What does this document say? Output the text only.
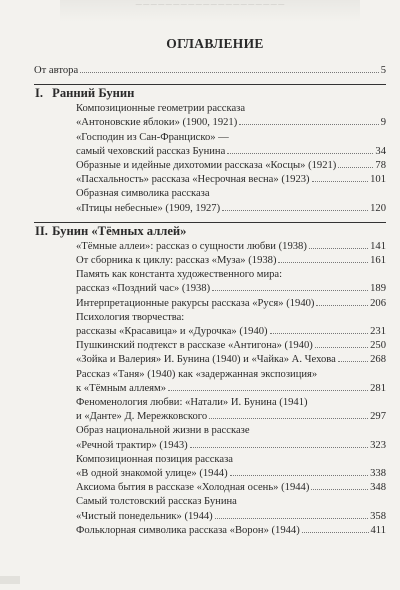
— — — — — — — — — — — — — — — — — — — —
ОГЛАВЛЕНИЕ
От автора	5
I. Ранний Бунин
Композиционные геометрии рассказа
«Антоновские яблоки» (1900, 1921)	9
«Господин из Сан-Франциско» —
самый чеховский рассказ Бунина	34
Образные и идейные дихотомии рассказа «Косцы» (1921)	78
«Пасхальность» рассказа «Несрочная весна» (1923)	101
Образная символика рассказа
«Птицы небесные» (1909, 1927)	120
II. Бунин «Тёмных аллей»
«Тёмные аллеи»: рассказ о сущности любви (1938)	141
От сборника к циклу: рассказ «Муза» (1938)	161
Память как константа художественного мира:
рассказ «Поздний час» (1938)	189
Интерпретационные ракурсы рассказа «Руся» (1940)	206
Психология творчества:
рассказы «Красавица» и «Дурочка» (1940)	231
Пушкинский подтекст в рассказе «Антигона» (1940)	250
«Зойка и Валерия» И. Бунина (1940) и «Чайка» А. Чехова	268
Рассказ «Таня» (1940) как «задержанная экспозиция»
к «Тёмным аллеям»	281
Феноменология любви: «Натали» И. Бунина (1941)
и «Данте» Д. Мережковского	297
Образ национальной жизни в рассказе
«Речной трактир» (1943)	323
Композиционная позиция рассказа
«В одной знакомой улице» (1944)	338
Аксиома бытия в рассказе «Холодная осень» (1944)	348
Самый толстовский рассказ Бунина
«Чистый понедельник» (1944)	358
Фольклорная символика рассказа «Ворон» (1944)	411
